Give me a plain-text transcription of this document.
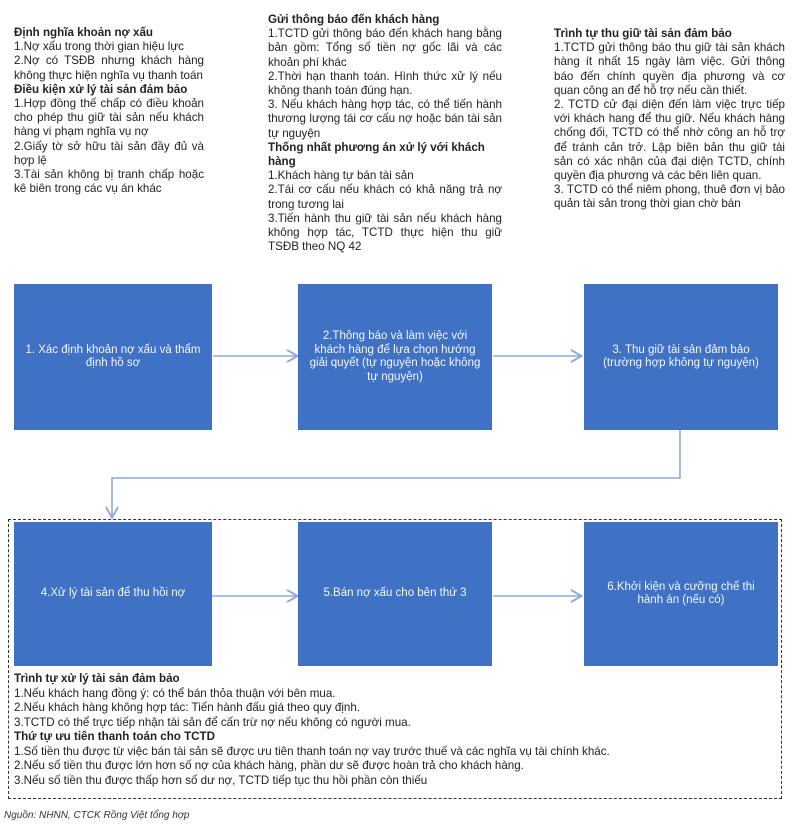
Định nghĩa khoản nợ xấu
1.Nợ xấu trong thời gian hiệu lực
2.Nợ có TSĐB nhưng khách hàng không thực hiện nghĩa vụ thanh toán
Điều kiện xử lý tài sản đảm bảo
1.Hợp đồng thế chấp có điều khoản cho phép thu giữ tài sản nếu khách hàng vi phạm nghĩa vụ nợ
2.Giấy tờ sở hữu tài sản đầy đủ và hợp lệ
3.Tài sản không bị tranh chấp hoặc kê biên trong các vụ án khác
Gửi thông báo đến khách hàng
1.TCTD gửi thông báo đến khách hang bằng bản gồm: Tổng số tiền nợ gốc lãi và các khoản phí khác
2.Thời hạn thanh toán. Hình thức xử lý nếu không thanh toán đúng hạn.
3. Nếu khách hàng hợp tác, có thể tiến hành thương lượng tái cơ cấu nợ hoặc bán tài sản tự nguyện
Thống nhất phương án xử lý với khách hàng
1.Khách hàng tự bán tài sản
2.Tái cơ cấu nếu khách có khả năng trả nợ trong tương lai
3.Tiến hành thu giữ tài sản nếu khách hàng không hợp tác, TCTD thực hiện thu giữ TSĐB theo NQ 42
Trình tự thu giữ tài sản đảm bảo
1.TCTD gửi thông báo thu giữ tài sản khách hàng ít nhất 15 ngày làm việc. Gửi thông báo đến chính quyền địa phương và cơ quan công an để hỗ trợ nếu cần thiết.
2. TCTD cử đại diện đến làm việc trực tiếp với khách hang để thu giữ. Nếu khách hàng chống đối, TCTD có thể nhờ công an hỗ trợ để tránh cản trở. Lập biên bản thu giữ tài sản có xác nhận của đại diện TCTD, chính quyền địa phương và các bên liên quan.
3. TCTD có thể niêm phong, thuê đơn vị bảo quản tài sản trong thời gian chờ bán
1. Xác định khoản nợ xấu và thẩm định hồ sơ
2.Thông báo và làm việc với khách hàng để lựa chọn hướng giải quyết (tự nguyện hoặc không tự nguyện)
3. Thu giữ tài sản đảm bảo (trường hợp không tự nguyện)
4.Xử lý tài sản để thu hồi nợ	5.Bán nợ xấu cho bên thứ 3
6.Khởi kiện và cưỡng chế thi hành án (nếu có)
Trình tự xử lý tài sản đảm bảo
1.Nếu khách hang đồng ý: có thể bán thỏa thuận với bên mua.
2.Nếu khách hàng không hợp tác: Tiến hành đấu giá theo quy định.
3.TCTD có thể trực tiếp nhận tài sản để cấn trừ nợ nếu không có người mua.
Thứ tự ưu tiên thanh toán cho TCTD
1.Số tiền thu được từ việc bán tài sản sẽ được ưu tiên thanh toán nợ vay trước thuế và các nghĩa vụ tài chính khác.
2.Nếu số tiền thu được lớn hơn số nợ của khách hàng, phần dư sẽ được hoàn trả cho khách hàng.
3.Nếu số tiền thu được thấp hơn số dư nợ, TCTD tiếp tục thu hồi phần còn thiếu
Nguồn: NHNN, CTCK Rồng Việt tổng hợp
